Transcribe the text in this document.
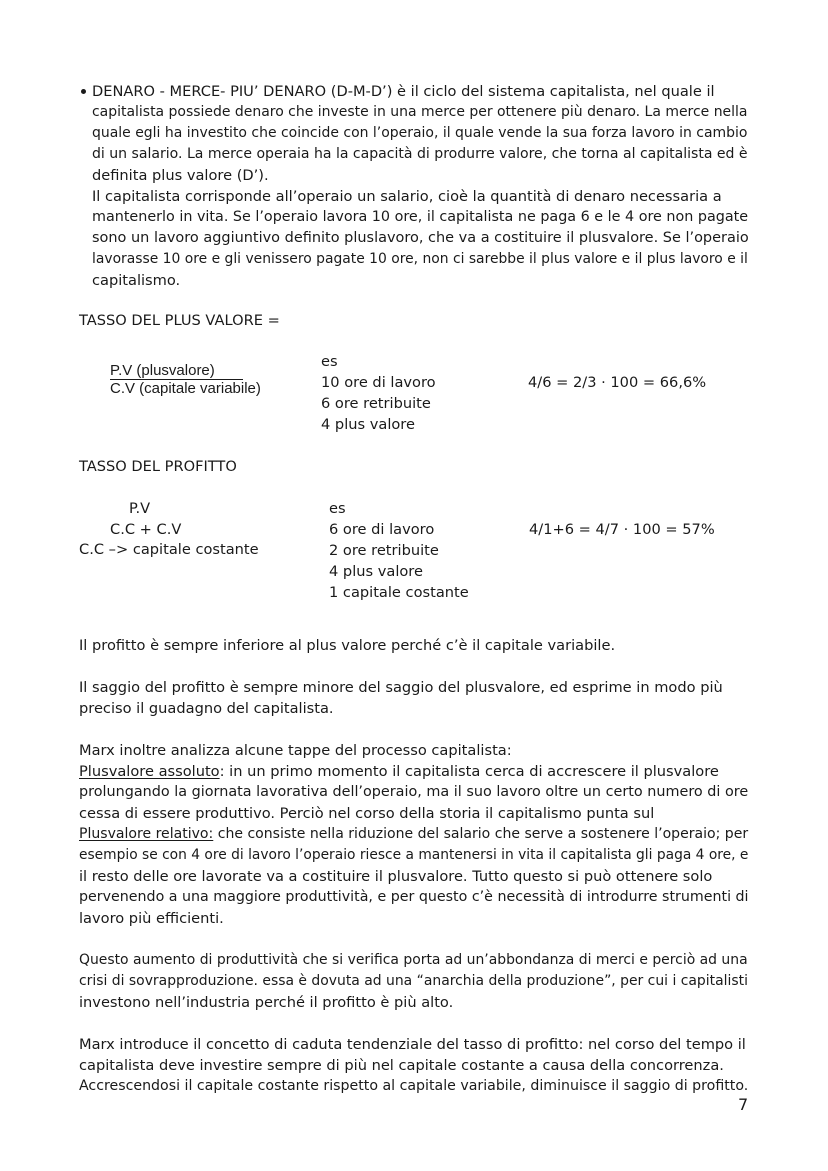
DENARO - MERCE- PIU’ DENARO (D-M-D’) è il ciclo del sistema capitalista, nel quale il
capitalista possiede denaro che investe in una merce per ottenere più denaro. La merce nella
quale egli ha investito che coincide con l’operaio, il quale vende la sua forza lavoro in cambio
di un salario. La merce operaia ha la capacità di produrre valore, che torna al capitalista ed è
definita plus valore (D’).
Il capitalista corrisponde all’operaio un salario, cioè la quantità di denaro necessaria a
mantenerlo in vita. Se l’operaio lavora 10 ore, il capitalista ne paga 6 e le 4 ore non pagate
sono un lavoro aggiuntivo definito pluslavoro, che va a costituire il plusvalore. Se l’operaio
lavorasse 10 ore e gli venissero pagate 10 ore, non ci sarebbe il plus valore e il plus lavoro e il
capitalismo.
TASSO DEL PLUS VALORE =
P.V (plusvalore)
C.V (capitale variabile)
es
10 ore di lavoro
6 ore retribuite
4 plus valore
4/6 = 2/3 · 100 = 66,6%
TASSO DEL PROFITTO
P.V
C.C + C.V
C.C –> capitale costante
es
6 ore di lavoro
2 ore retribuite
4 plus valore
1 capitale costante
4/1+6 = 4/7 · 100 = 57%
Il profitto è sempre inferiore al plus valore perché c’è il capitale variabile.
Il saggio del profitto è sempre minore del saggio del plusvalore, ed esprime in modo più
preciso il guadagno del capitalista.
Marx inoltre analizza alcune tappe del processo capitalista:
Plusvalore assoluto: in un primo momento il capitalista cerca di accrescere il plusvalore
prolungando la giornata lavorativa dell’operaio, ma il suo lavoro oltre un certo numero di ore
cessa di essere produttivo. Perciò nel corso della storia il capitalismo punta sul
Plusvalore relativo: che consiste nella riduzione del salario che serve a sostenere l’operaio; per
esempio se con 4 ore di lavoro l’operaio riesce a mantenersi in vita il capitalista gli paga 4 ore, e
il resto delle ore lavorate va a costituire il plusvalore. Tutto questo si può ottenere solo
pervenendo a una maggiore produttività, e per questo c’è necessità di introdurre strumenti di
lavoro più efficienti.
Questo aumento di produttività che si verifica porta ad un’abbondanza di merci e perciò ad una
crisi di sovrapproduzione. essa è dovuta ad una “anarchia della produzione”, per cui i capitalisti
investono nell’industria perché il profitto è più alto.
Marx introduce il concetto di caduta tendenziale del tasso di profitto: nel corso del tempo il
capitalista deve investire sempre di più nel capitale costante a causa della concorrenza.
Accrescendosi il capitale costante rispetto al capitale variabile, diminuisce il saggio di profitto.
7
